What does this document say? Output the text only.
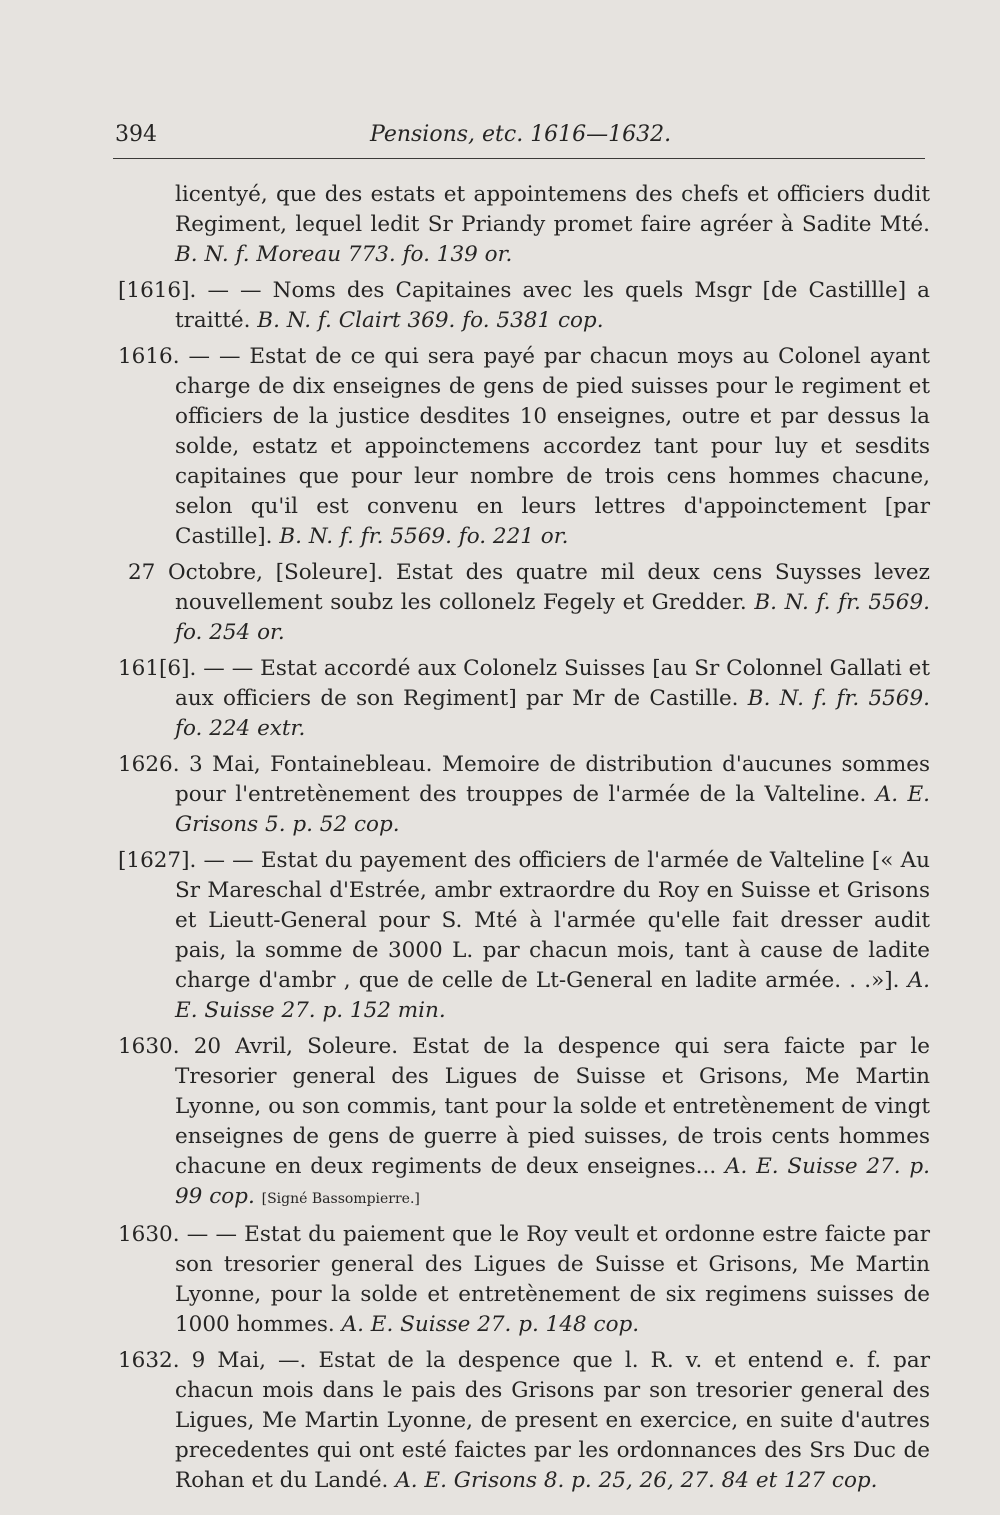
394	Pensions, etc. 1616—1632.

licentyé, que des estats et appointemens des chefs et officiers dudit Regiment, lequel ledit Sr Priandy promet faire agréer à Sadite Mté. B. N. f. Moreau 773. fo. 139 or.

[1616]. — — Noms des Capitaines avec les quels Msgr [de Castillle] a traitté. B. N. f. Clairt 369. fo. 5381 cop.

1616. — — Estat de ce qui sera payé par chacun moys au Colonel ayant charge de dix enseignes de gens de pied suisses pour le regiment et officiers de la justice desdites 10 enseignes, outre et par dessus la solde, estatz et appoinctemens accordez tant pour luy et sesdits capitaines que pour leur nombre de trois cens hommes chacune, selon qu'il est convenu en leurs lettres d'appoinctement [par Castille]. B. N. f. fr. 5569. fo. 221 or.

27 Octobre, [Soleure]. Estat des quatre mil deux cens Suysses levez nouvellement soubz les collonelz Fegely et Gredder. B. N. f. fr. 5569. fo. 254 or.

161[6]. — — Estat accordé aux Colonelz Suisses [au Sr Colonnel Gallati et aux officiers de son Regiment] par Mr de Castille. B. N. f. fr. 5569. fo. 224 extr.

1626. 3 Mai, Fontainebleau. Memoire de distribution d'aucunes sommes pour l'entretènement des trouppes de l'armée de la Valteline. A. E. Grisons 5. p. 52 cop.

[1627]. — — Estat du payement des officiers de l'armée de Valteline [« Au Sr Mareschal d'Estrée, ambr extraordre du Roy en Suisse et Grisons et Lieutt-General pour S. Mté à l'armée qu'elle fait dresser audit pais, la somme de 3000 L. par chacun mois, tant à cause de ladite charge d'ambr , que de celle de Lt-General en ladite armée. . .»]. A. E. Suisse 27. p. 152 min.

1630. 20 Avril, Soleure. Estat de la despence qui sera faicte par le Tresorier general des Ligues de Suisse et Grisons, Me Martin Lyonne, ou son commis, tant pour la solde et entretènement de vingt enseignes de gens de guerre à pied suisses, de trois cents hommes chacune en deux regiments de deux enseignes... A. E. Suisse 27. p. 99 cop. [Signé Bassompierre.]

1630. — — Estat du paiement que le Roy veult et ordonne estre faicte par son tresorier general des Ligues de Suisse et Grisons, Me Martin Lyonne, pour la solde et entretènement de six regimens suisses de 1000 hommes. A. E. Suisse 27. p. 148 cop.

1632. 9 Mai, —. Estat de la despence que l. R. v. et entend e. f. par chacun mois dans le pais des Grisons par son tresorier general des Ligues, Me Martin Lyonne, de present en exercice, en suite d'autres precedentes qui ont esté faictes par les ordonnances des Srs Duc de Rohan et du Landé. A. E. Grisons 8. p. 25, 26, 27. 84 et 127 cop.
